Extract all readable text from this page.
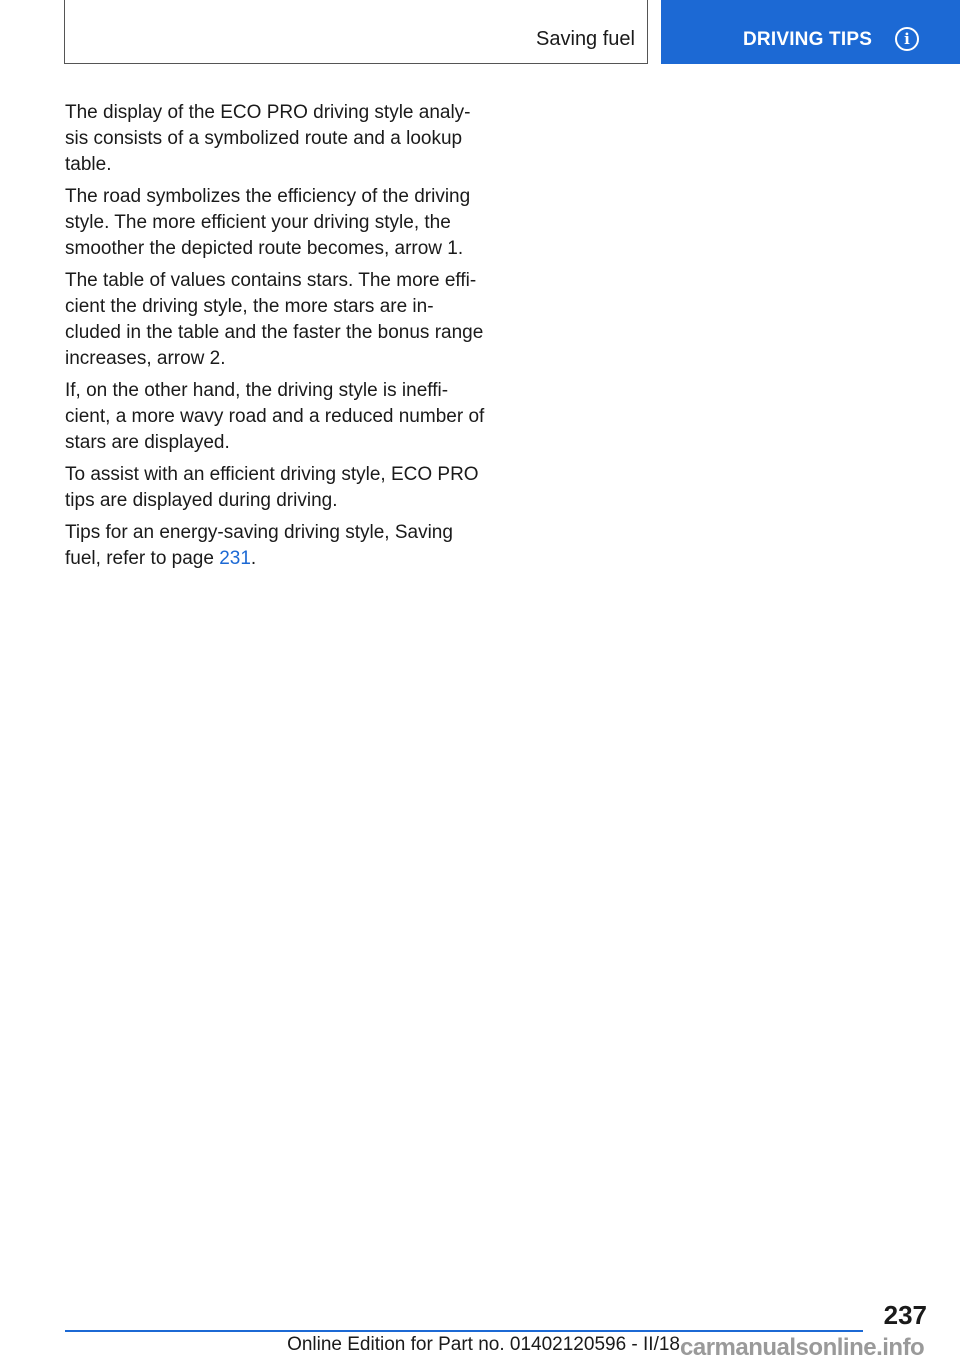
Saving fuel	DRIVING TIPS	i

The display of the ECO PRO driving style analy-sis consists of a symbolized route and a lookup table.

The road symbolizes the efficiency of the driving style. The more efficient your driving style, the smoother the depicted route becomes, arrow 1.

The table of values contains stars. The more effi-cient the driving style, the more stars are in-cluded in the table and the faster the bonus range increases, arrow 2.

If, on the other hand, the driving style is ineffi-cient, a more wavy road and a reduced number of stars are displayed.

To assist with an efficient driving style, ECO PRO tips are displayed during driving.

Tips for an energy-saving driving style, Saving fuel, refer to page 231.

237
Online Edition for Part no. 01402120596 - II/18 carmanualsonline.info
